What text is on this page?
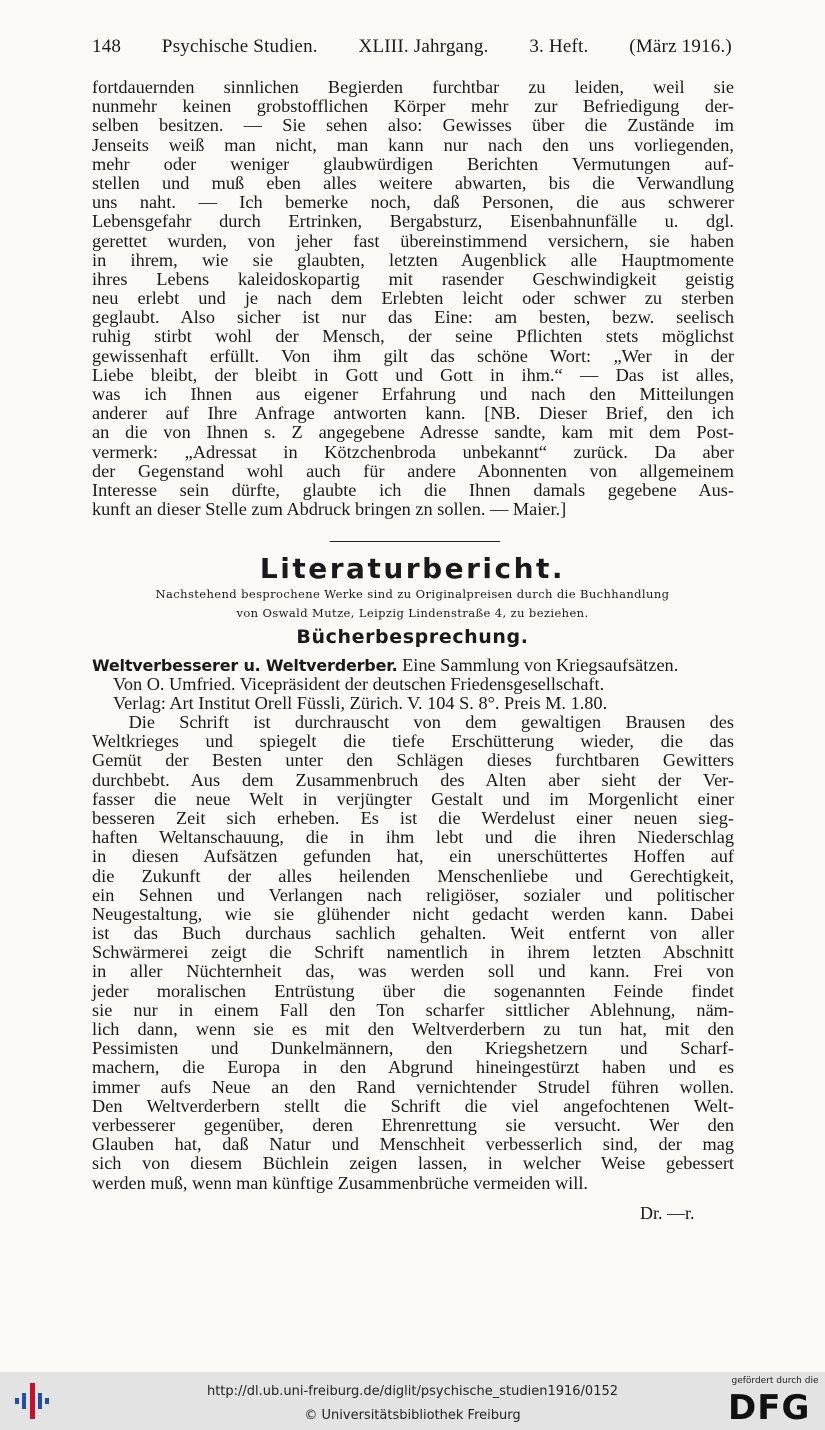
148 Psychische Studien. XLIII. Jahrgang. 3. Heft. (März 1916.)
fortdauernden sinnlichen Begierden furchtbar zu leiden, weil sie
nunmehr keinen grobstofflichen Körper mehr zur Befriedigung der-
selben besitzen. — Sie sehen also: Gewisses über die Zustände im
Jenseits weiß man nicht, man kann nur nach den uns vorliegenden,
mehr oder weniger glaubwürdigen Berichten Vermutungen auf-
stellen und muß eben alles weitere abwarten, bis die Verwandlung
uns naht. — Ich bemerke noch, daß Personen, die aus schwerer
Lebensgefahr durch Ertrinken, Bergabsturz, Eisenbahnunfälle u. dgl.
gerettet wurden, von jeher fast übereinstimmend versichern, sie haben
in ihrem, wie sie glaubten, letzten Augenblick alle Hauptmomente
ihres Lebens kaleidoskopartig mit rasender Geschwindigkeit geistig
neu erlebt und je nach dem Erlebten leicht oder schwer zu sterben
geglaubt. Also sicher ist nur das Eine: am besten, bezw. seelisch
ruhig stirbt wohl der Mensch, der seine Pflichten stets möglichst
gewissenhaft erfüllt. Von ihm gilt das schöne Wort: „Wer in der
Liebe bleibt, der bleibt in Gott und Gott in ihm.“ — Das ist alles,
was ich Ihnen aus eigener Erfahrung und nach den Mitteilungen
anderer auf Ihre Anfrage antworten kann. [NB. Dieser Brief, den ich
an die von Ihnen s. Z angegebene Adresse sandte, kam mit dem Post-
vermerk: „Adressat in Kötzchenbroda unbekannt“ zurück. Da aber
der Gegenstand wohl auch für andere Abonnenten von allgemeinem
Interesse sein dürfte, glaubte ich die Ihnen damals gegebene Aus-
kunft an dieser Stelle zum Abdruck bringen zn sollen. — Maier.]
Literaturbericht.
Nachstehend besprochene Werke sind zu Originalpreisen durch die Buchhandlung
von Oswald Mutze, Leipzig Lindenstraße 4, zu beziehen.
Bücherbesprechung.
Weltverbesserer u. Weltverderber. Eine Sammlung von Kriegsaufsätzen.
Von O. Umfried. Vicepräsident der deutschen Friedensgesellschaft.
Verlag: Art Institut Orell Füssli, Zürich. V. 104 S. 8°. Preis M. 1.80.
  Die Schrift ist durchrauscht von dem gewaltigen Brausen des
Weltkrieges und spiegelt die tiefe Erschütterung wieder, die das
Gemüt der Besten unter den Schlägen dieses furchtbaren Gewitters
durchbebt. Aus dem Zusammenbruch des Alten aber sieht der Ver-
fasser die neue Welt in verjüngter Gestalt und im Morgenlicht einer
besseren Zeit sich erheben. Es ist die Werdelust einer neuen sieg-
haften Weltanschauung, die in ihm lebt und die ihren Niederschlag
in diesen Aufsätzen gefunden hat, ein unerschüttertes Hoffen auf
die Zukunft der alles heilenden Menschenliebe und Gerechtigkeit,
ein Sehnen und Verlangen nach religiöser, sozialer und politischer
Neugestaltung, wie sie glühender nicht gedacht werden kann. Dabei
ist das Buch durchaus sachlich gehalten. Weit entfernt von aller
Schwärmerei zeigt die Schrift namentlich in ihrem letzten Abschnitt
in aller Nüchternheit das, was werden soll und kann. Frei von
jeder moralischen Entrüstung über die sogenannten Feinde findet
sie nur in einem Fall den Ton scharfer sittlicher Ablehnung, näm-
lich dann, wenn sie es mit den Weltverderbern zu tun hat, mit den
Pessimisten und Dunkelmännern, den Kriegshetzern und Scharf-
machern, die Europa in den Abgrund hineingestürzt haben und es
immer aufs Neue an den Rand vernichtender Strudel führen wollen.
Den Weltverderbern stellt die Schrift die viel angefochtenen Welt-
verbesserer gegenüber, deren Ehrenrettung sie versucht. Wer den
Glauben hat, daß Natur und Menschheit verbesserlich sind, der mag
sich von diesem Büchlein zeigen lassen, in welcher Weise gebessert
werden muß, wenn man künftige Zusammenbrüche vermeiden will.
Dr. —r.
http://dl.ub.uni-freiburg.de/diglit/psychische_studien1916/0152
© Universitätsbibliothek Freiburg
gefördert durch die
DFG
